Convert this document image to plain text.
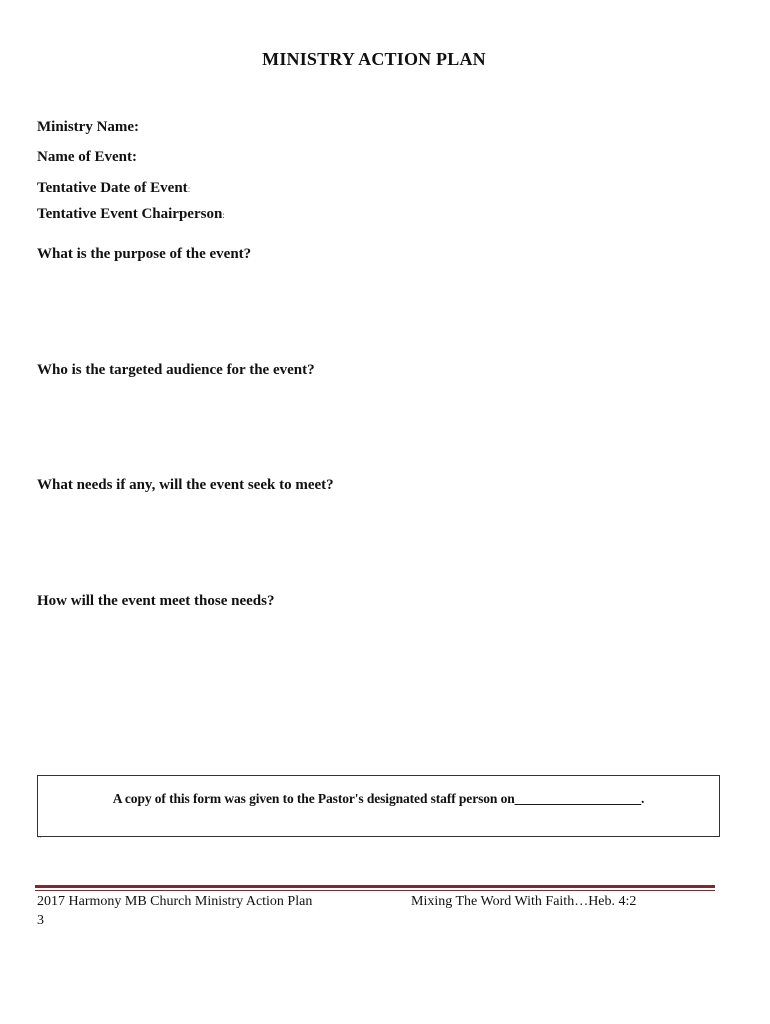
MINISTRY ACTION PLAN
Ministry Name:
Name of Event:
Tentative Date of Event:
Tentative Event Chairperson:
What is the purpose of the event?
Who is the targeted audience for the event?
What needs if any, will the event seek to meet?
How will the event meet those needs?
A copy of this form was given to the Pastor's designated staff person on___________________.
..
2017 Harmony MB Church Ministry Action Plan	Mixing The Word With Faith…Heb. 4:2
3
